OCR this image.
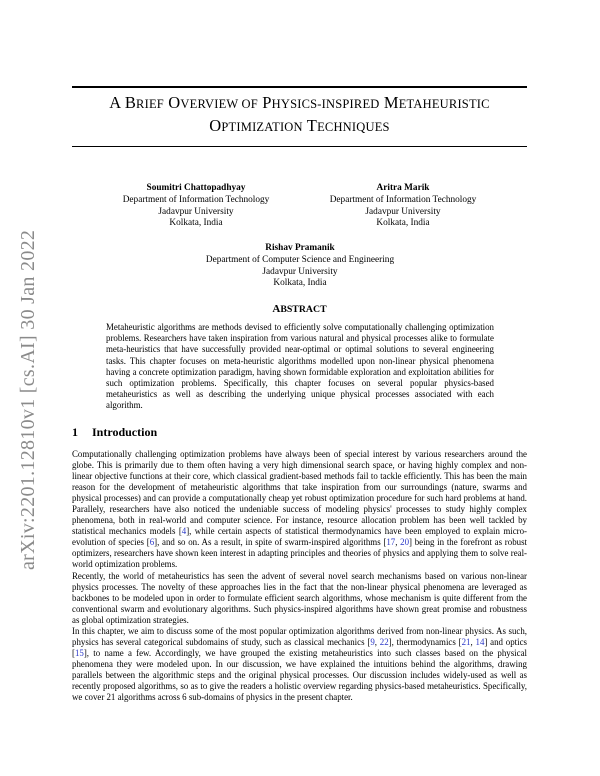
arXiv:2201.12810v1 [cs.AI] 30 Jan 2022
A BRIEF OVERVIEW OF PHYSICS-INSPIRED METAHEURISTIC
OPTIMIZATION TECHNIQUES
Soumitri Chattopadhyay
Department of Information Technology
Jadavpur University
Kolkata, India
Aritra Marik
Department of Information Technology
Jadavpur University
Kolkata, India
Rishav Pramanik
Department of Computer Science and Engineering
Jadavpur University
Kolkata, India
ABSTRACT
Metaheuristic algorithms are methods devised to efficiently solve computationally challenging optimization problems. Researchers have taken inspiration from various natural and physical processes alike to formulate meta-heuristics that have successfully provided near-optimal or optimal solutions to several engineering tasks. This chapter focuses on meta-heuristic algorithms modelled upon non-linear physical phenomena having a concrete optimization paradigm, having shown formidable exploration and exploitation abilities for such optimization problems. Specifically, this chapter focuses on several popular physics-based metaheuristics as well as describing the underlying unique physical processes associated with each algorithm.
1 Introduction

Computationally challenging optimization problems have always been of special interest by various researchers around the globe. This is primarily due to them often having a very high dimensional search space, or having highly complex and non-linear objective functions at their core, which classical gradient-based methods fail to tackle efficiently. This has been the main reason for the development of metaheuristic algorithms that take inspiration from our surroundings (nature, swarms and physical processes) and can provide a computationally cheap yet robust optimization procedure for such hard problems at hand. Parallely, researchers have also noticed the undeniable success of modeling physics' processes to study highly complex phenomena, both in real-world and computer science. For instance, resource allocation problem has been well tackled by statistical mechanics models [4], while certain aspects of statistical thermodynamics have been employed to explain micro-evolution of species [6], and so on. As a result, in spite of swarm-inspired algorithms [17, 20] being in the forefront as robust optimizers, researchers have shown keen interest in adapting principles and theories of physics and applying them to solve real-world optimization problems.

Recently, the world of metaheuristics has seen the advent of several novel search mechanisms based on various non-linear physics processes. The novelty of these approaches lies in the fact that the non-linear physical phenomena are leveraged as backbones to be modeled upon in order to formulate efficient search algorithms, whose mechanism is quite different from the conventional swarm and evolutionary algorithms. Such physics-inspired algorithms have shown great promise and robustness as global optimization strategies.

In this chapter, we aim to discuss some of the most popular optimization algorithms derived from non-linear physics. As such, physics has several categorical subdomains of study, such as classical mechanics [9, 22], thermodynamics [21, 14] and optics [15], to name a few. Accordingly, we have grouped the existing metaheuristics into such classes based on the physical phenomena they were modeled upon. In our discussion, we have explained the intuitions behind the algorithms, drawing parallels between the algorithmic steps and the original physical processes. Our discussion includes widely-used as well as recently proposed algorithms, so as to give the readers a holistic overview regarding physics-based metaheuristics. Specifically, we cover 21 algorithms across 6 sub-domains of physics in the present chapter.
